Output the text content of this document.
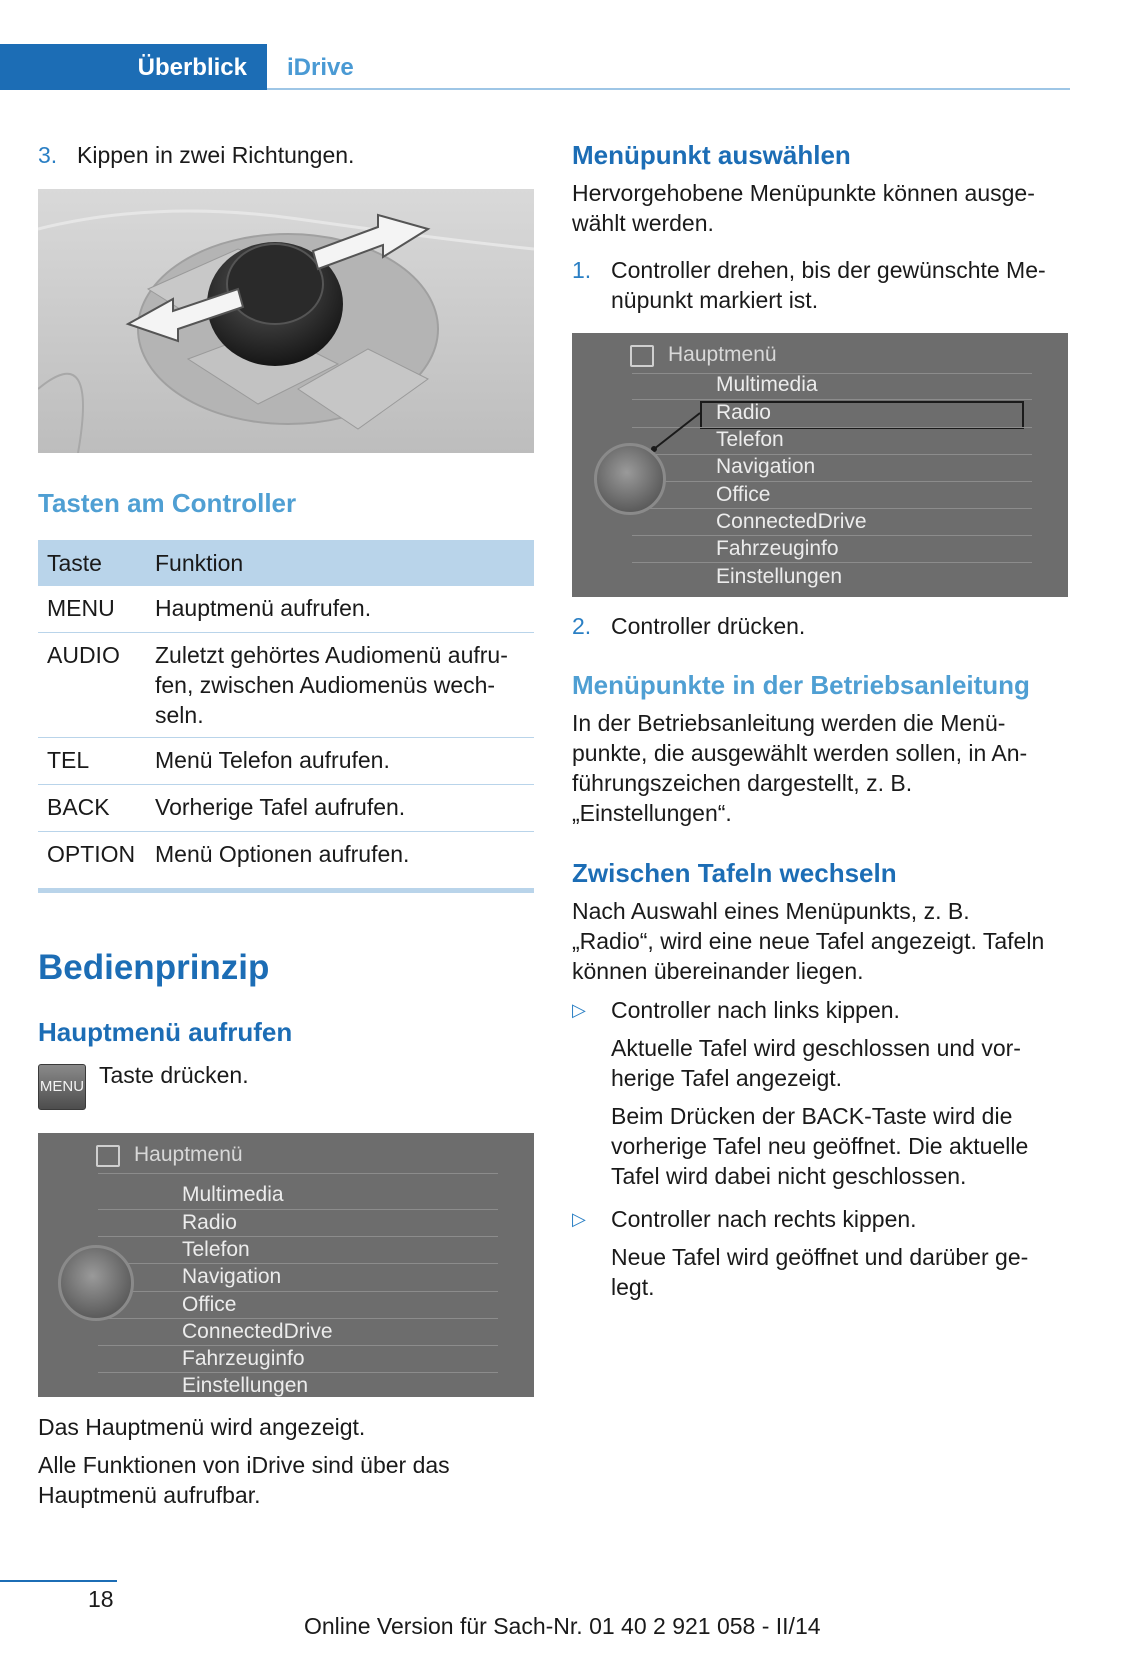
Überblick iDrive
3. Kippen in zwei Richtungen.
Tasten am Controller
Taste Funktion
MENU Hauptmenü aufrufen.
AUDIO Zuletzt gehörtes Audiomenü aufru-
fen, zwischen Audiomenüs wech-
seln.
TEL	Menü Telefon aufrufen.
BACK Vorherige Tafel aufrufen.
OPTION Menü Optionen aufrufen.
Bedienprinzip
Hauptmenü aufrufen
MENU Taste drücken.
Hauptmenü
Multimedia
Radio
Telefon
Navigation
Office
ConnectedDrive
Fahrzeuginfo
Einstellungen
Das Hauptmenü wird angezeigt.
Alle Funktionen von iDrive sind über das
Hauptmenü aufrufbar.
Menüpunkt auswählen
Hervorgehobene Menüpunkte können ausge-
wählt werden.
1. Controller drehen, bis der gewünschte Me-
nüpunkt markiert ist.
Hauptmenü
Multimedia
Radio
Telefon
Navigation
Office
ConnectedDrive
Fahrzeuginfo
Einstellungen
2. Controller drücken.
Menüpunkte in der Betriebsanleitung
In der Betriebsanleitung werden die Menü-
punkte, die ausgewählt werden sollen, in An-
führungszeichen dargestellt, z. B.
„Einstellungen“.
Zwischen Tafeln wechseln
Nach Auswahl eines Menüpunkts, z. B.
„Radio“, wird eine neue Tafel angezeigt. Tafeln
können übereinander liegen.
▷ Controller nach links kippen.
Aktuelle Tafel wird geschlossen und vor-
herige Tafel angezeigt.
Beim Drücken der BACK-Taste wird die
vorherige Tafel neu geöffnet. Die aktuelle
Tafel wird dabei nicht geschlossen.
▷ Controller nach rechts kippen.
Neue Tafel wird geöffnet und darüber ge-
legt.
18
Online Version für Sach-Nr. 01 40 2 921 058 - II/14
